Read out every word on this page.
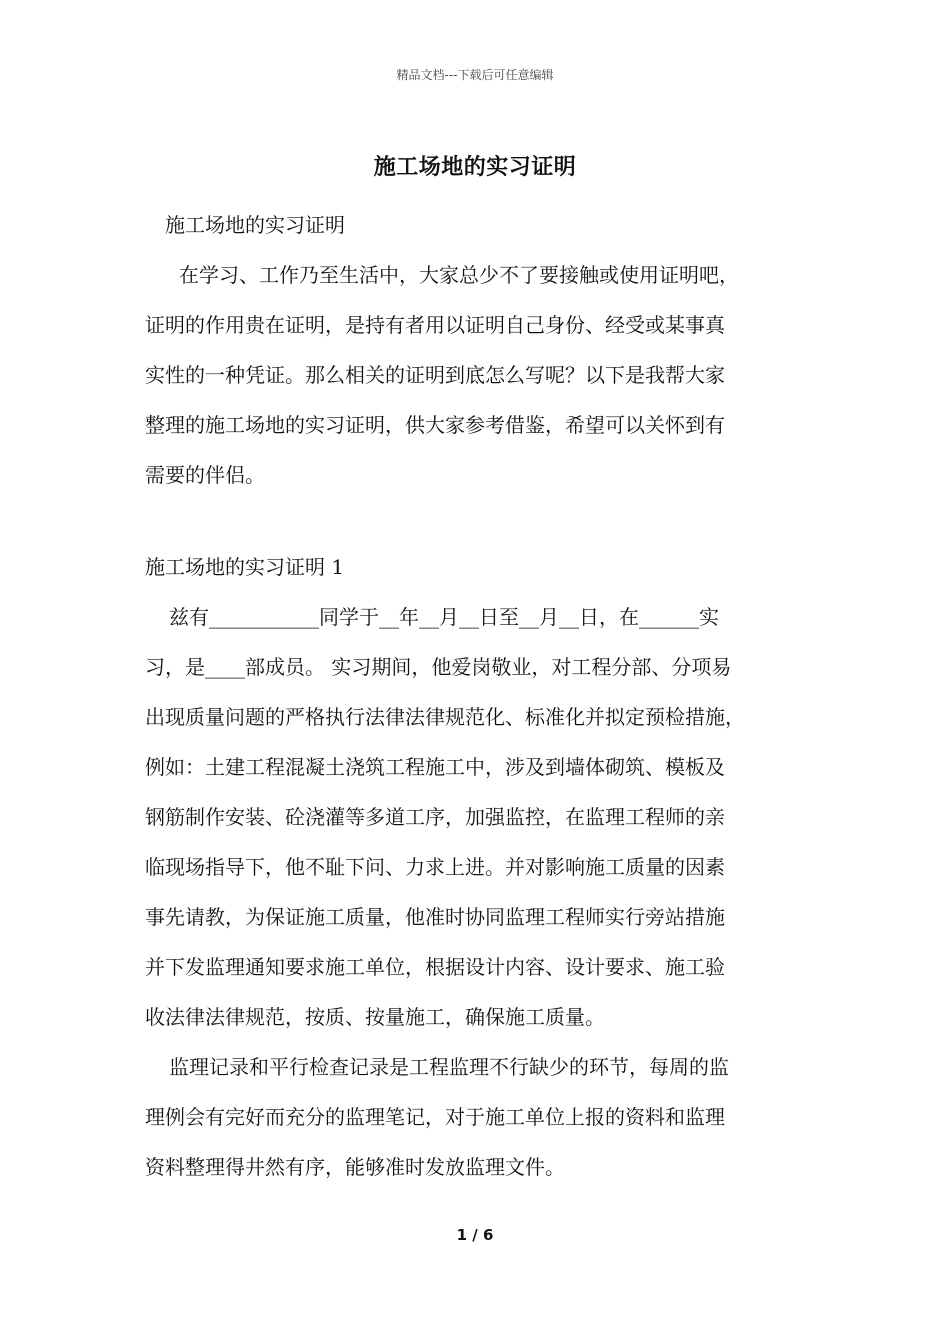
精品文档---下载后可任意编辑
施工场地的实习证明

施工场地的实习证明

在学习、工作乃至生活中，大家总少不了要接触或使用证明吧，

证明的作用贵在证明，是持有者用以证明自己身份、经受或某事真

实性的一种凭证。那么相关的证明到底怎么写呢？以下是我帮大家

整理的施工场地的实习证明，供大家参考借鉴，希望可以关怀到有

需要的伴侣。

施工场地的实习证明 1

兹有___________同学于__年__月__日至__月__日，在______实

习，是____部成员。 实习期间，他爱岗敬业，对工程分部、分项易

出现质量问题的严格执行法律法律规范化、标准化并拟定预检措施，

例如：土建工程混凝土浇筑工程施工中，涉及到墙体砌筑、模板及

钢筋制作安装、砼浇灌等多道工序，加强监控，在监理工程师的亲

临现场指导下，他不耻下问、力求上进。并对影响施工质量的因素

事先请教，为保证施工质量，他准时协同监理工程师实行旁站措施

并下发监理通知要求施工单位，根据设计内容、设计要求、施工验

收法律法律规范，按质、按量施工，确保施工质量。

监理记录和平行检查记录是工程监理不行缺少的环节，每周的监

理例会有完好而充分的监理笔记，对于施工单位上报的资料和监理

资料整理得井然有序，能够准时发放监理文件。

1 / 6
